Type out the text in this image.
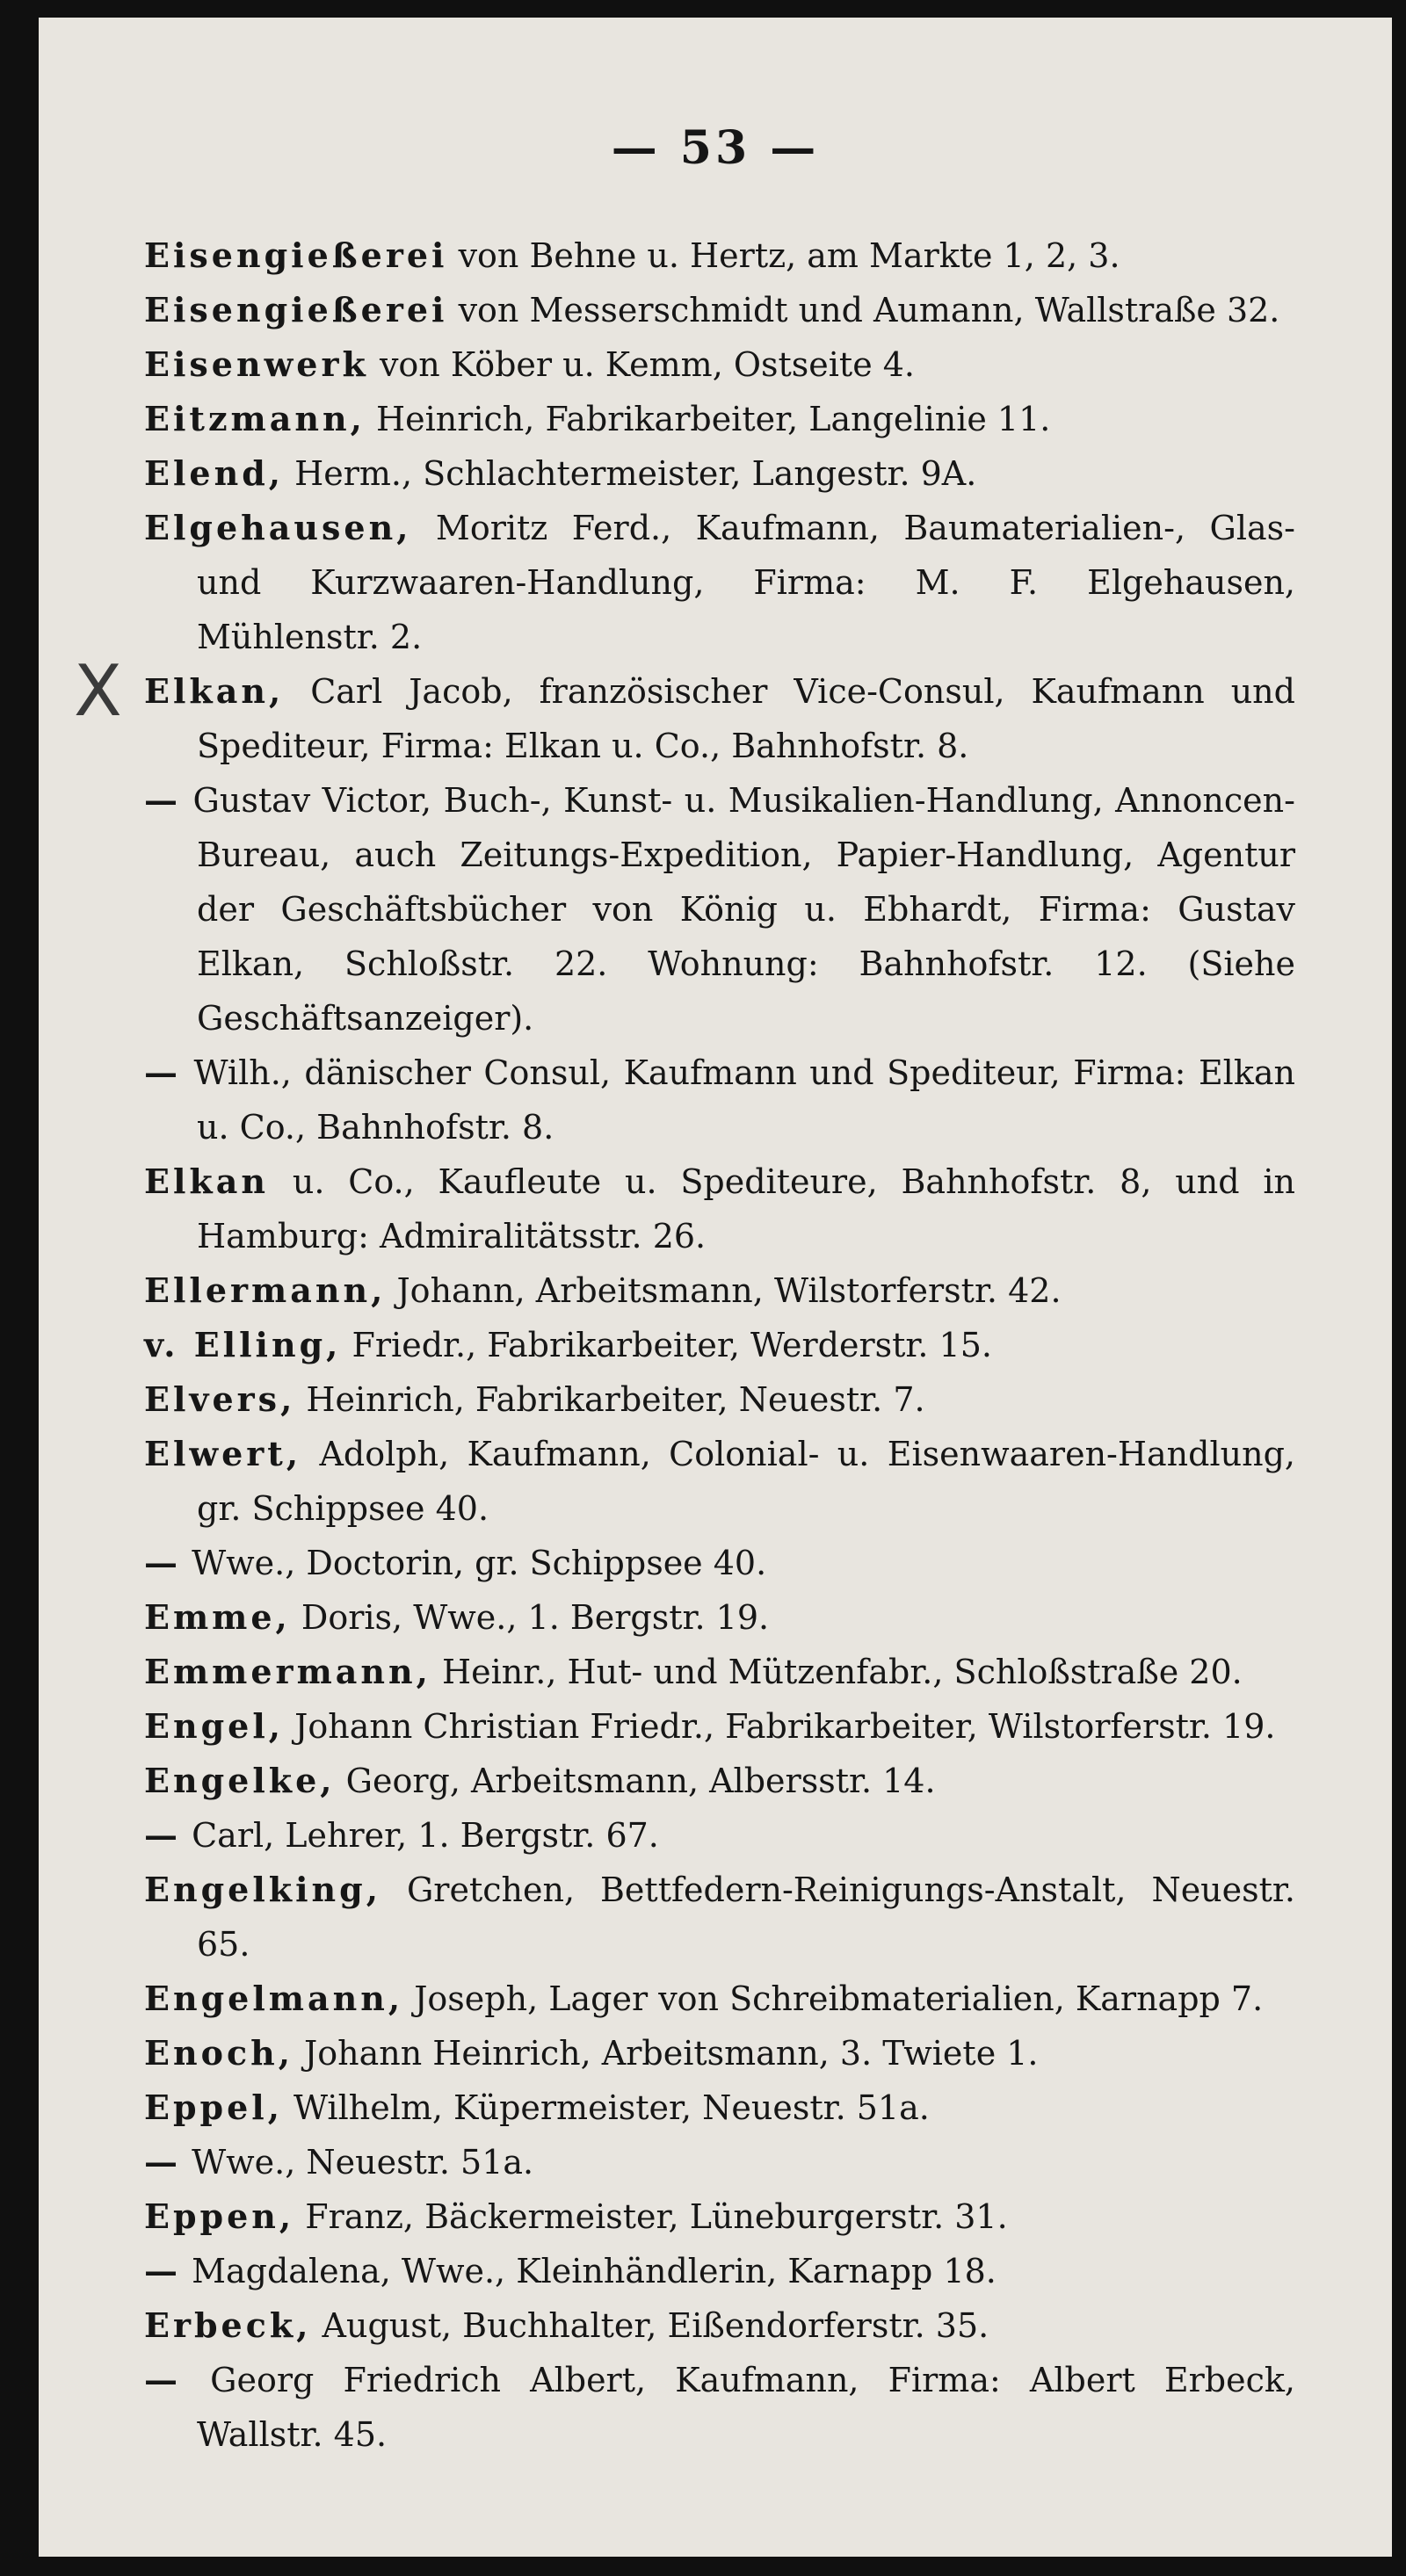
— 53 —
X

Eisengießerei von Behne u. Hertz, am Markte 1, 2, 3.

Eisengießerei von Messerschmidt und Aumann, Wallstraße 32.

Eisenwerk von Köber u. Kemm, Ostseite 4.

Eitzmann, Heinrich, Fabrikarbeiter, Langelinie 11.

Elend, Herm., Schlachtermeister, Langestr. 9A.

Elgehausen, Moritz Ferd., Kaufmann, Baumaterialien-, Glas- und Kurzwaaren-Handlung, Firma: M. F. Elgehausen, Mühlenstr. 2.

Elkan, Carl Jacob, französischer Vice-Consul, Kaufmann und Spediteur, Firma: Elkan u. Co., Bahnhofstr. 8.

— Gustav Victor, Buch-, Kunst- u. Musikalien-Handlung, Annoncen-Bureau, auch Zeitungs-Expedition, Papier-Handlung, Agentur der Geschäftsbücher von König u. Ebhardt, Firma: Gustav Elkan, Schloßstr. 22. Wohnung: Bahnhofstr. 12. (Siehe Geschäftsanzeiger).

— Wilh., dänischer Consul, Kaufmann und Spediteur, Firma: Elkan u. Co., Bahnhofstr. 8.

Elkan u. Co., Kaufleute u. Spediteure, Bahnhofstr. 8, und in Hamburg: Admiralitätsstr. 26.

Ellermann, Johann, Arbeitsmann, Wilstorferstr. 42.

v. Elling, Friedr., Fabrikarbeiter, Werderstr. 15.

Elvers, Heinrich, Fabrikarbeiter, Neuestr. 7.

Elwert, Adolph, Kaufmann, Colonial- u. Eisenwaaren-Handlung, gr. Schippsee 40.

— Wwe., Doctorin, gr. Schippsee 40.

Emme, Doris, Wwe., 1. Bergstr. 19.

Emmermann, Heinr., Hut- und Mützenfabr., Schloßstraße 20.

Engel, Johann Christian Friedr., Fabrikarbeiter, Wilstorferstr. 19.

Engelke, Georg, Arbeitsmann, Albersstr. 14.

— Carl, Lehrer, 1. Bergstr. 67.

Engelking, Gretchen, Bettfedern-Reinigungs-Anstalt, Neuestr. 65.

Engelmann, Joseph, Lager von Schreibmaterialien, Karnapp 7.

Enoch, Johann Heinrich, Arbeitsmann, 3. Twiete 1.

Eppel, Wilhelm, Küpermeister, Neuestr. 51a.

— Wwe., Neuestr. 51a.

Eppen, Franz, Bäckermeister, Lüneburgerstr. 31.

— Magdalena, Wwe., Kleinhändlerin, Karnapp 18.

Erbeck, August, Buchhalter, Eißendorferstr. 35.

— Georg Friedrich Albert, Kaufmann, Firma: Albert Erbeck, Wallstr. 45.
